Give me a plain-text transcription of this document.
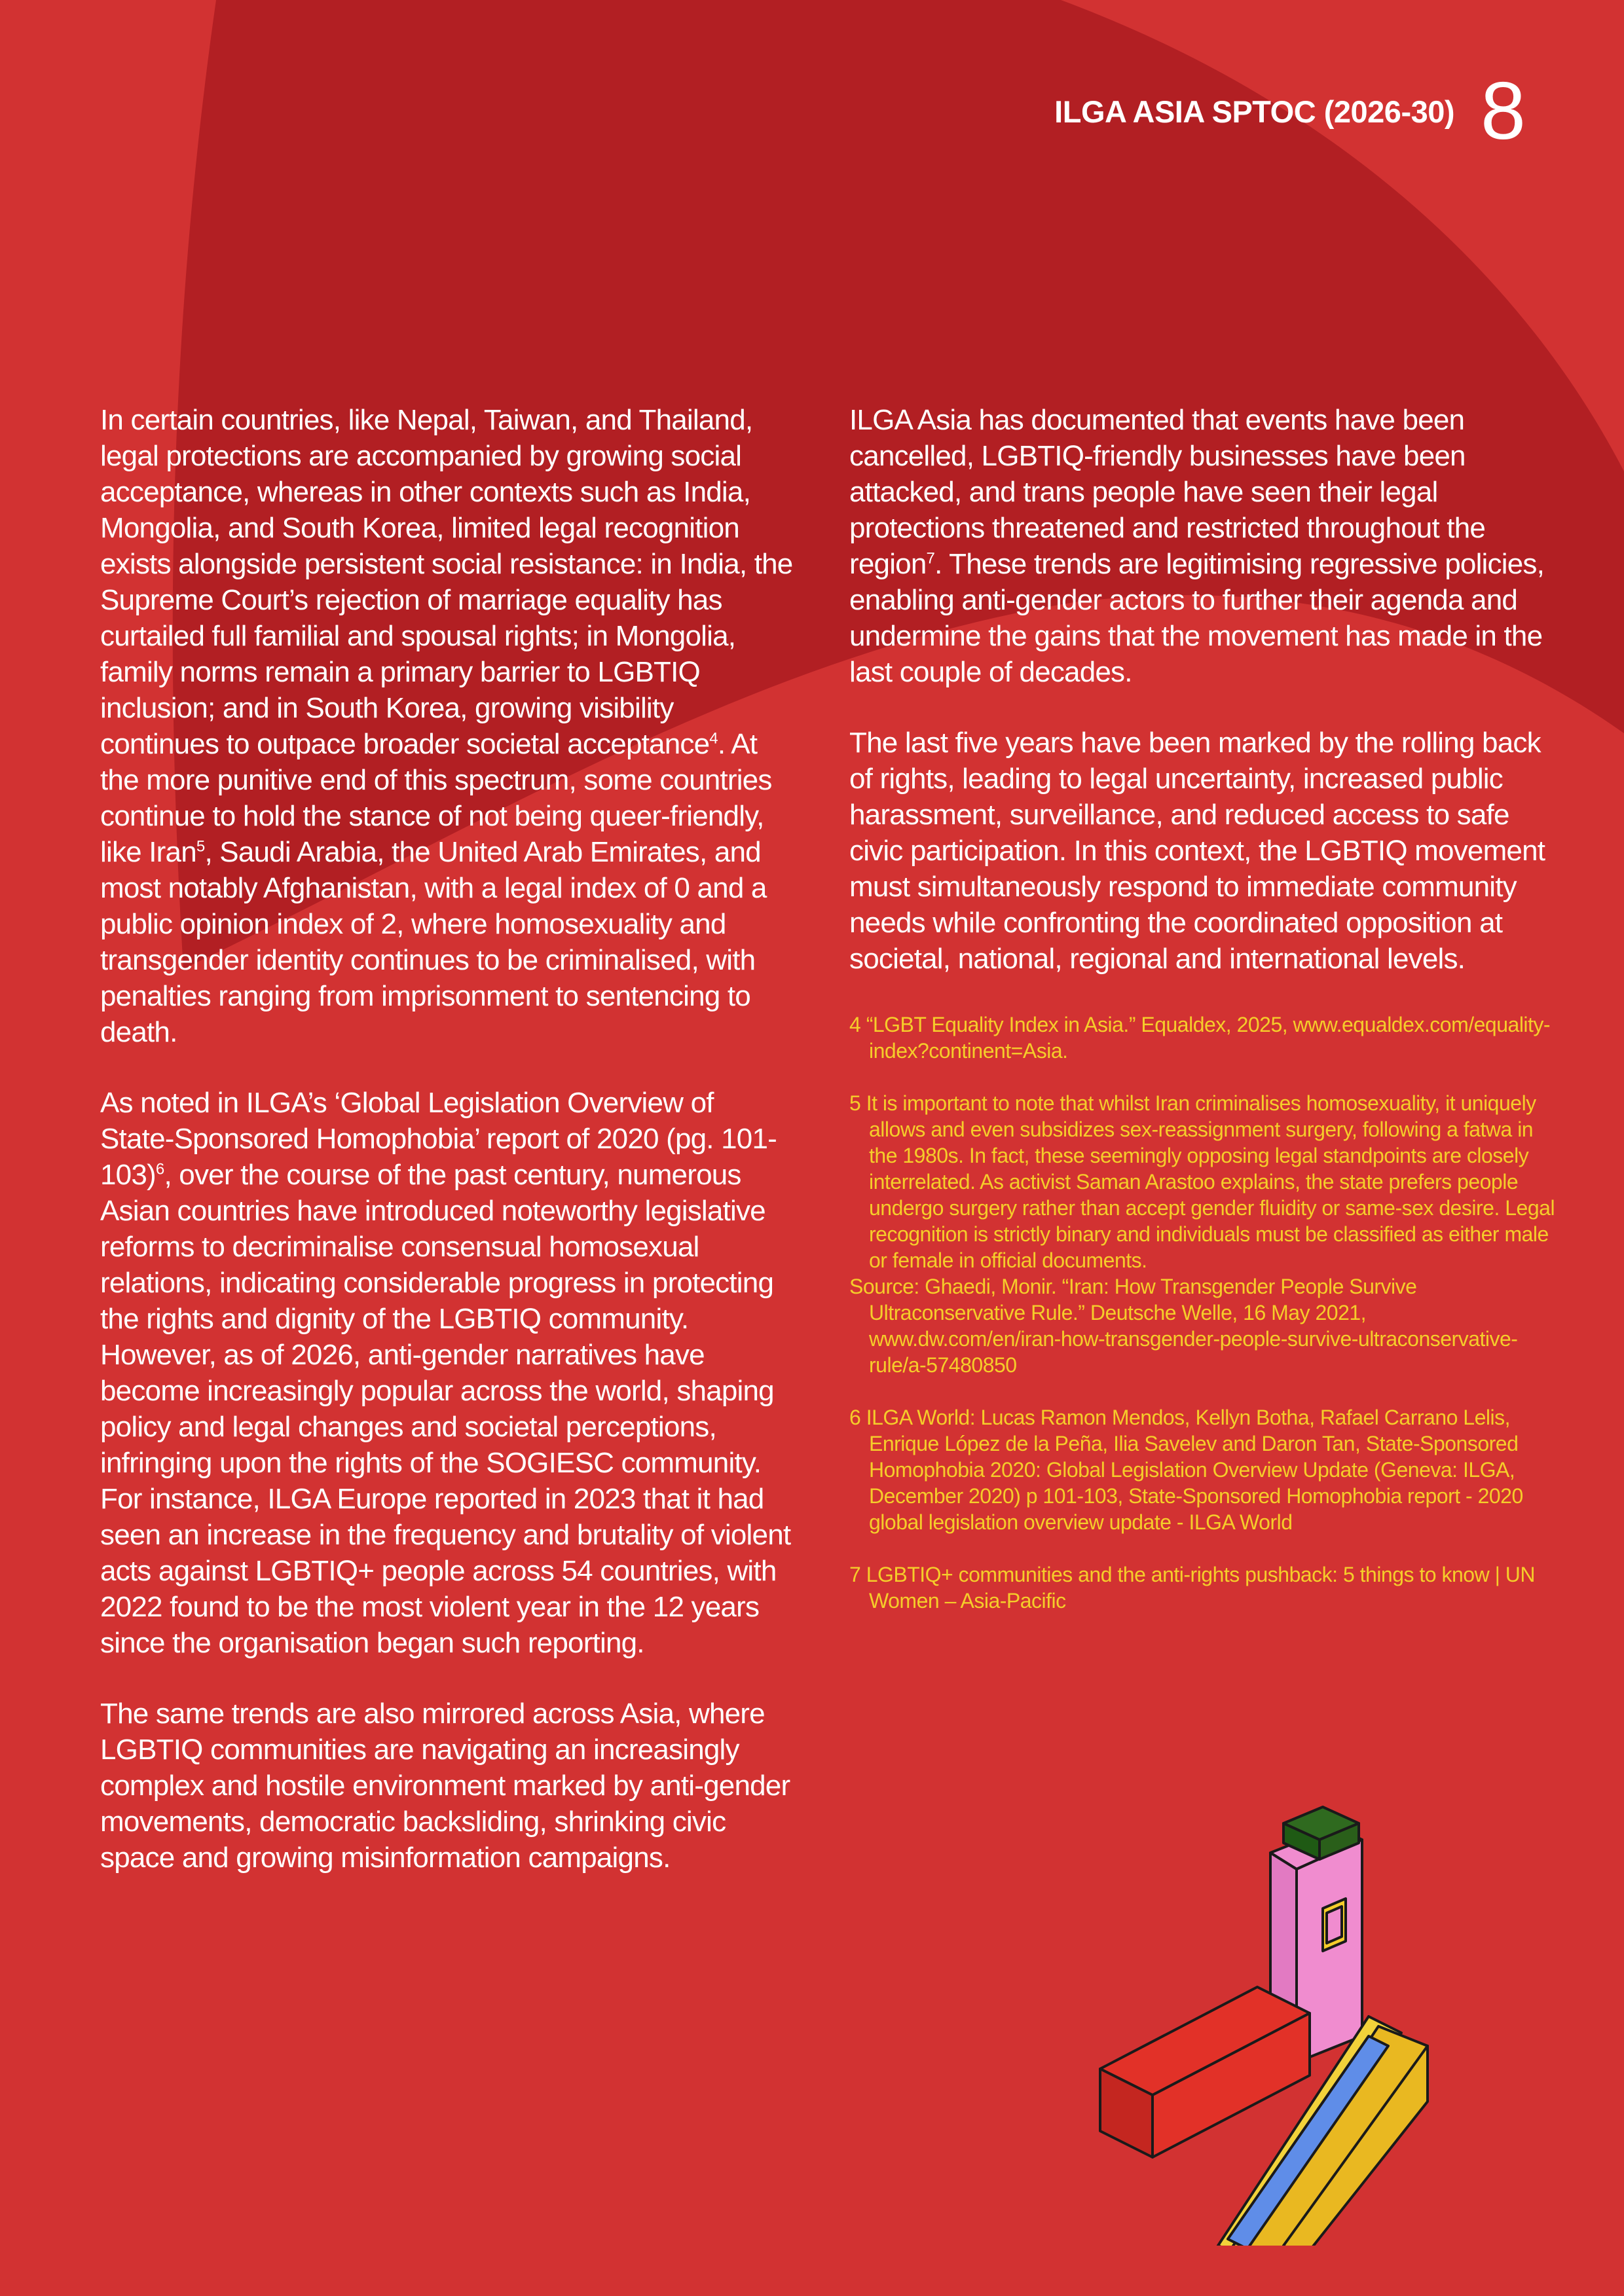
ILGA ASIA SPTOC (2026-30) 8

In certain countries, like Nepal, Taiwan, and Thailand, legal protections are accompanied by growing social acceptance, whereas in other contexts such as India, Mongolia, and South Korea, limited legal recognition exists alongside persistent social resistance: in India, the Supreme Court’s rejection of marriage equality has curtailed full familial and spousal rights; in Mongolia, family norms remain a primary barrier to LGBTIQ inclusion; and in South Korea, growing visibility continues to outpace broader societal acceptance$^4$. At the more punitive end of this spectrum, some countries continue to hold the stance of not being queer-friendly, like Iran$^5$, Saudi Arabia, the United Arab Emirates, and most notably Afghanistan, with a legal index of 0 and a public opinion index of 2, where homosexuality and transgender identity continues to be criminalised, with penalties ranging from imprisonment to sentencing to death.

As noted in ILGA’s ‘Global Legislation Overview of State-Sponsored Homophobia’ report of 2020 (pg. 101-103)$^6$, over the course of the past century, numerous Asian countries have introduced noteworthy legislative reforms to decriminalise consensual homosexual relations, indicating considerable progress in protecting the rights and dignity of the LGBTIQ community. However, as of 2026, anti-gender narratives have become increasingly popular across the world, shaping policy and legal changes and societal perceptions, infringing upon the rights of the SOGIESC community. For instance, ILGA Europe reported in 2023 that it had seen an increase in the frequency and brutality of violent acts against LGBTIQ+ people across 54 countries, with 2022 found to be the most violent year in the 12 years since the organisation began such reporting.

The same trends are also mirrored across Asia, where LGBTIQ communities are navigating an increasingly complex and hostile environment marked by anti-gender movements, democratic backsliding, shrinking civic space and growing misinformation campaigns.

ILGA Asia has documented that events have been cancelled, LGBTIQ-friendly businesses have been attacked, and trans people have seen their legal protections threatened and restricted throughout the region$^7$. These trends are legitimising regressive policies, enabling anti-gender actors to further their agenda and undermine the gains that the movement has made in the last couple of decades.

The last five years have been marked by the rolling back of rights, leading to legal uncertainty, increased public harassment, surveillance, and reduced access to safe civic participation. In this context, the LGBTIQ movement must simultaneously respond to immediate community needs while confronting the coordinated opposition at societal, national, regional and international levels.

4 “LGBT Equality Index in Asia.” Equaldex, 2025, www.equaldex.com/equality-index?continent=Asia.

5 It is important to note that whilst Iran criminalises homosexuality, it uniquely allows and even subsidizes sex-reassignment surgery, following a fatwa in the 1980s. In fact, these seemingly opposing legal standpoints are closely interrelated. As activist Saman Arastoo explains, the state prefers people undergo surgery rather than accept gender fluidity or same-sex desire. Legal recognition is strictly binary and individuals must be classified as either male or female in official documents.

Source: Ghaedi, Monir. “Iran: How Transgender People Survive Ultraconservative Rule.” Deutsche Welle, 16 May 2021, www.dw.com/en/iran-how-transgender-people-survive-ultraconservative-rule/a-57480850

6 ILGA World: Lucas Ramon Mendos, Kellyn Botha, Rafael Carrano Lelis, Enrique López de la Peña, Ilia Savelev and Daron Tan, State-Sponsored Homophobia 2020: Global Legislation Overview Update (Geneva: ILGA, December 2020) p 101-103, State-Sponsored Homophobia report - 2020 global legislation overview update - ILGA World

7 LGBTIQ+ communities and the anti-rights pushback: 5 things to know | UN Women – Asia-Pacific
